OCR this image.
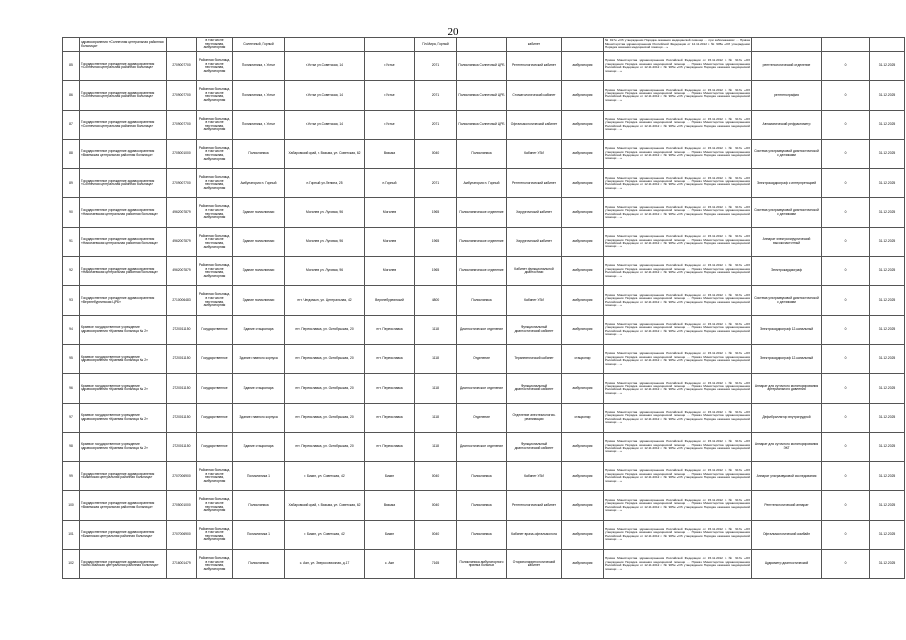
20
	здравоохранения «Солнечная центральная районная больница»		в том числе неотложная, амбулаторная	Солнечный, Горный			Пл.Мира, Горный		кабинет		№ 917н «Об утверждении Порядка оказания медицинской помощи … при заболеваниях … Приказ Министерства здравоохранения Российской Федерации от 12.11.2012 г. № 905н «Об утверждении Порядка оказания медицинской помощи …»			
85	Государственное учреждение здравоохранения «Солнечная центральная районная больница»	2709007700	Районная больница, в том числе неотложная, амбулаторная	Поликлиника, г. Устье	г.Устье ул.Советская, 14	г.Устье	2071	Поликлиника Солнечный ЦРБ	Рентгенологический кабинет	амбулатория	Приказ Министерства здравоохранения Российской Федерации от 15.11.2012 г. № 917н «Об утверждении Порядка оказания медицинской помощи … Приказ Министерства здравоохранения Российской Федерации от 12.11.2012 г. № 905н «Об утверждении Порядка оказания медицинской помощи …»	рентгенологический отделение	0	31.12.2025
86	Государственное учреждение здравоохранения «Солнечная центральная районная больница»	2709007700	Районная больница, в том числе неотложная, амбулаторная	Поликлиника, г. Устье	г.Устье ул.Советская, 14	г.Устье	2071	Поликлиника Солнечный ЦРБ	Стоматологический кабинет	амбулатория	Приказ Министерства здравоохранения Российской Федерации от 15.11.2012 г. № 917н «Об утверждении Порядка оказания медицинской помощи … Приказ Министерства здравоохранения Российской Федерации от 12.11.2012 г. № 905н «Об утверждении Порядка оказания медицинской помощи …»	рентгенография	0	31.12.2025
87	Государственное учреждение здравоохранения «Солнечная центральная районная больница»	2709007700	Районная больница, в том числе неотложная, амбулаторная	Поликлиника, г. Устье	г.Устье ул.Советская, 14	г.Устье	2071	Поликлиника Солнечный ЦРБ	Офтальмологический кабинет	амбулатория	Приказ Министерства здравоохранения Российской Федерации от 15.11.2012 г. № 917н «Об утверждении Порядка оказания медицинской помощи … Приказ Министерства здравоохранения Российской Федерации от 12.11.2012 г. № 905н «Об утверждении Порядка оказания медицинской помощи …»	Автоматический рефрактометр	0	31.12.2025
88	Государственное учреждение здравоохранения «Вяземская центральная районная больница»	2705001000	Районная больница, в том числе неотложная, амбулаторная	Поликлиника	Хабаровский край, г. Вязьма, ул. Советская, 62	Вязьма	0040	Поликлиника	Кабинет УЗИ	амбулатория	Приказ Министерства здравоохранения Российской Федерации от 15.11.2012 г. № 917н «Об утверждении Порядка оказания медицинской помощи … Приказ Министерства здравоохранения Российской Федерации от 12.11.2012 г. № 905н «Об утверждении Порядка оказания медицинской помощи …»	Система ультразвуковой диагностической с датчиками	0	31.12.2025
89	Государственное учреждение здравоохранения «Солнечная центральная районная больница»	2709007700	Районная больница, в том числе неотложная, амбулаторная	Амбулатория п. Горный	п.Горный ул.Ленина, 25	п.Горный	2071	Амбулатория п. Горный	Рентгенологический кабинет	амбулатория	Приказ Министерства здравоохранения Российской Федерации от 15.11.2012 г. № 917н «Об утверждении Порядка оказания медицинской помощи … Приказ Министерства здравоохранения Российской Федерации от 12.11.2012 г. № 905н «Об утверждении Порядка оказания медицинской помощи …»	Электрокардиограф с интерпретацией	0	31.12.2025
90	Государственное учреждение здравоохранения «Николаевская центральная районная больница»	4962007879	Районная больница, в том числе неотложная, амбулаторная	Здание поликлиники	Могилев ул. Луговая, 96	Могилев	1965	Поликлиническое отделение	Хирургический кабинет	амбулатория	Приказ Министерства здравоохранения Российской Федерации от 15.11.2012 г. № 917н «Об утверждении Порядка оказания медицинской помощи … Приказ Министерства здравоохранения Российской Федерации от 12.11.2012 г. № 905н «Об утверждении Порядка оказания медицинской помощи …»	Система ультразвуковой диагностической с датчиками	0	31.12.2025
91	Государственное учреждение здравоохранения «Николаевская центральная районная больница»	4962007879	Районная больница, в том числе неотложная, амбулаторная	Здание поликлиники	Могилев ул. Луговая, 96	Могилев	1965	Поликлиническое отделение	Хирургический кабинет	амбулатория	Приказ Министерства здравоохранения Российской Федерации от 15.11.2012 г. № 917н «Об утверждении Порядка оказания медицинской помощи … Приказ Министерства здравоохранения Российской Федерации от 12.11.2012 г. № 905н «Об утверждении Порядка оказания медицинской помощи …»	Аппарат электрохирургический высокочастотный	0	31.12.2025
92	Государственное учреждение здравоохранения «Николаевская центральная районная больница»	4962007879	Районная больница, в том числе неотложная, амбулаторная	Здание поликлиники	Могилев ул. Луговая, 96	Могилев	1965	Поликлиническое отделение	Кабинет функциональной диагностики	амбулатория	Приказ Министерства здравоохранения Российской Федерации от 15.11.2012 г. № 917н «Об утверждении Порядка оказания медицинской помощи … Приказ Министерства здравоохранения Российской Федерации от 12.11.2012 г. № 905н «Об утверждении Порядка оказания медицинской помощи …»	Электрокардиограф	0	31.12.2025
93	Государственное учреждение здравоохранения «Верхнебуреинская ЦРБ»	2710006483	Районная больница, в том числе неотложная, амбулаторная	Здание поликлиники	пгт. Чегдомын, ул. Центральная, 42	Верхнебуреинский	4800	Поликлиника	Кабинет УЗИ	амбулатория	Приказ Министерства здравоохранения Российской Федерации от 15.11.2012 г. № 917н «Об утверждении Порядка оказания медицинской помощи … Приказ Министерства здравоохранения Российской Федерации от 12.11.2012 г. № 905н «Об утверждении Порядка оказания медицинской помощи …»	Система ультразвуковой диагностической с датчиками	0	31.12.2025
94	Краевое государственное учреждение здравоохранения «Краевая больница № 2»	2720011150	Государственное	Здание стационара	пгт. Переяславка, ул. Октябрьская, 20	пгт. Переяславка	1118	Диагностическое отделение	Функциональный диагностический кабинет	амбулатория	Приказ Министерства здравоохранения Российской Федерации от 15.11.2012 г. № 917н «Об утверждении Порядка оказания медицинской помощи … Приказ Министерства здравоохранения Российской Федерации от 12.11.2012 г. № 905н «Об утверждении Порядка оказания медицинской помощи …»	Электрокардиограф 12-канальный	0	31.12.2025
95	Краевое государственное учреждение здравоохранения «Краевая больница № 2»	2720011150	Государственное	Здание главного корпуса	пгт. Переяславка, ул. Октябрьская, 20	пгт. Переяславка	1118	Отделение	Терапевтический кабинет	стационар	Приказ Министерства здравоохранения Российской Федерации от 15.11.2012 г. № 917н «Об утверждении Порядка оказания медицинской помощи … Приказ Министерства здравоохранения Российской Федерации от 12.11.2012 г. № 905н «Об утверждении Порядка оказания медицинской помощи …»	Электрокардиограф 12-канальный	0	31.12.2025
96	Краевое государственное учреждение здравоохранения «Краевая больница № 2»	2720011150	Государственное	Здание стационара	пгт. Переяславка, ул. Октябрьская, 20	пгт. Переяславка	1118	Диагностическое отделение	Функциональный диагностический кабинет	амбулатория	Приказ Министерства здравоохранения Российской Федерации от 15.11.2012 г. № 917н «Об утверждении Порядка оказания медицинской помощи … Приказ Министерства здравоохранения Российской Федерации от 12.11.2012 г. № 905н «Об утверждении Порядка оказания медицинской помощи …»	Аппарат для суточного мониторирования артериального давления	0	31.12.2025
97	Краевое государственное учреждение здравоохранения «Краевая больница № 2»	2720011150	Государственное	Здание главного корпуса	пгт. Переяславка, ул. Октябрьская, 20	пгт. Переяславка	1118	Отделение	Отделение анестезиологии-реанимации	стационар	Приказ Министерства здравоохранения Российской Федерации от 15.11.2012 г. № 917н «Об утверждении Порядка оказания медицинской помощи … Приказ Министерства здравоохранения Российской Федерации от 12.11.2012 г. № 905н «Об утверждении Порядка оказания медицинской помощи …»	Дефибриллятор внутригрудной	0	31.12.2025
98	Краевое государственное учреждение здравоохранения «Краевая больница № 2»	2720011150	Государственное	Здание стационара	пгт. Переяславка, ул. Октябрьская, 20	пгт. Переяславка	1118	Диагностическое отделение	Функциональный диагностический кабинет	амбулатория	Приказ Министерства здравоохранения Российской Федерации от 15.11.2012 г. № 917н «Об утверждении Порядка оказания медицинской помощи … Приказ Министерства здравоохранения Российской Федерации от 12.11.2012 г. № 905н «Об утверждении Порядка оказания медицинской помощи …»	Аппарат для суточного мониторирования ЭКГ	0	31.12.2025
99	Государственное учреждение здравоохранения «Бикинская центральная районная больница»	2707006900	Районная больница, в том числе неотложная, амбулаторная	Поликлиника 1	г. Бикин, ул. Советская, 42	Бикин	0040	Поликлиника	Кабинет УЗИ	амбулатория	Приказ Министерства здравоохранения Российской Федерации от 15.11.2012 г. № 917н «Об утверждении Порядка оказания медицинской помощи … Приказ Министерства здравоохранения Российской Федерации от 12.11.2012 г. № 905н «Об утверждении Порядка оказания медицинской помощи …»	Аппарат ультразвуковой исследования	0	31.12.2025
100	Государственное учреждение здравоохранения «Вяземская центральная районная больница»	2705001000	Районная больница, в том числе неотложная, амбулаторная	Поликлиника	Хабаровский край, г. Вязьма, ул. Советская, 62	Вязьма	0040	Поликлиника	Рентгенологический кабинет	амбулатория	Приказ Министерства здравоохранения Российской Федерации от 15.11.2012 г. № 917н «Об утверждении Порядка оказания медицинской помощи … Приказ Министерства здравоохранения Российской Федерации от 12.11.2012 г. № 905н «Об утверждении Порядка оказания медицинской помощи …»	Рентгенологический аппарат	0	31.12.2025
101	Государственное учреждение здравоохранения «Бикинская центральная районная больница»	2707006900	Районная больница, в том числе неотложная, амбулаторная	Поликлиника 1	г. Бикин, ул. Советская, 42	Бикин	0040	Поликлиника	Кабинет врача-офтальмолога	амбулатория	Приказ Министерства здравоохранения Российской Федерации от 15.11.2012 г. № 917н «Об утверждении Порядка оказания медицинской помощи … Приказ Министерства здравоохранения Российской Федерации от 12.11.2012 г. № 905н «Об утверждении Порядка оказания медицинской помощи …»	Офтальмологический комбайн	0	31.12.2025
102	Государственное учреждение здравоохранения «Аяно-Майская центральная районная больница»	2716001479	Районная больница, в том числе неотложная, амбулаторная	Поликлиника	с. Аян, ул. Зверосовхозная, д.17	с. Аян	7165	Поликлиника амбулаторного приема больных	Оториноларингологический кабинет	амбулатория	Приказ Министерства здравоохранения Российской Федерации от 15.11.2012 г. № 917н «Об утверждении Порядка оказания медицинской помощи … Приказ Министерства здравоохранения Российской Федерации от 12.11.2012 г. № 905н «Об утверждении Порядка оказания медицинской помощи …»	Аудиометр диагностический	0	31.12.2025
